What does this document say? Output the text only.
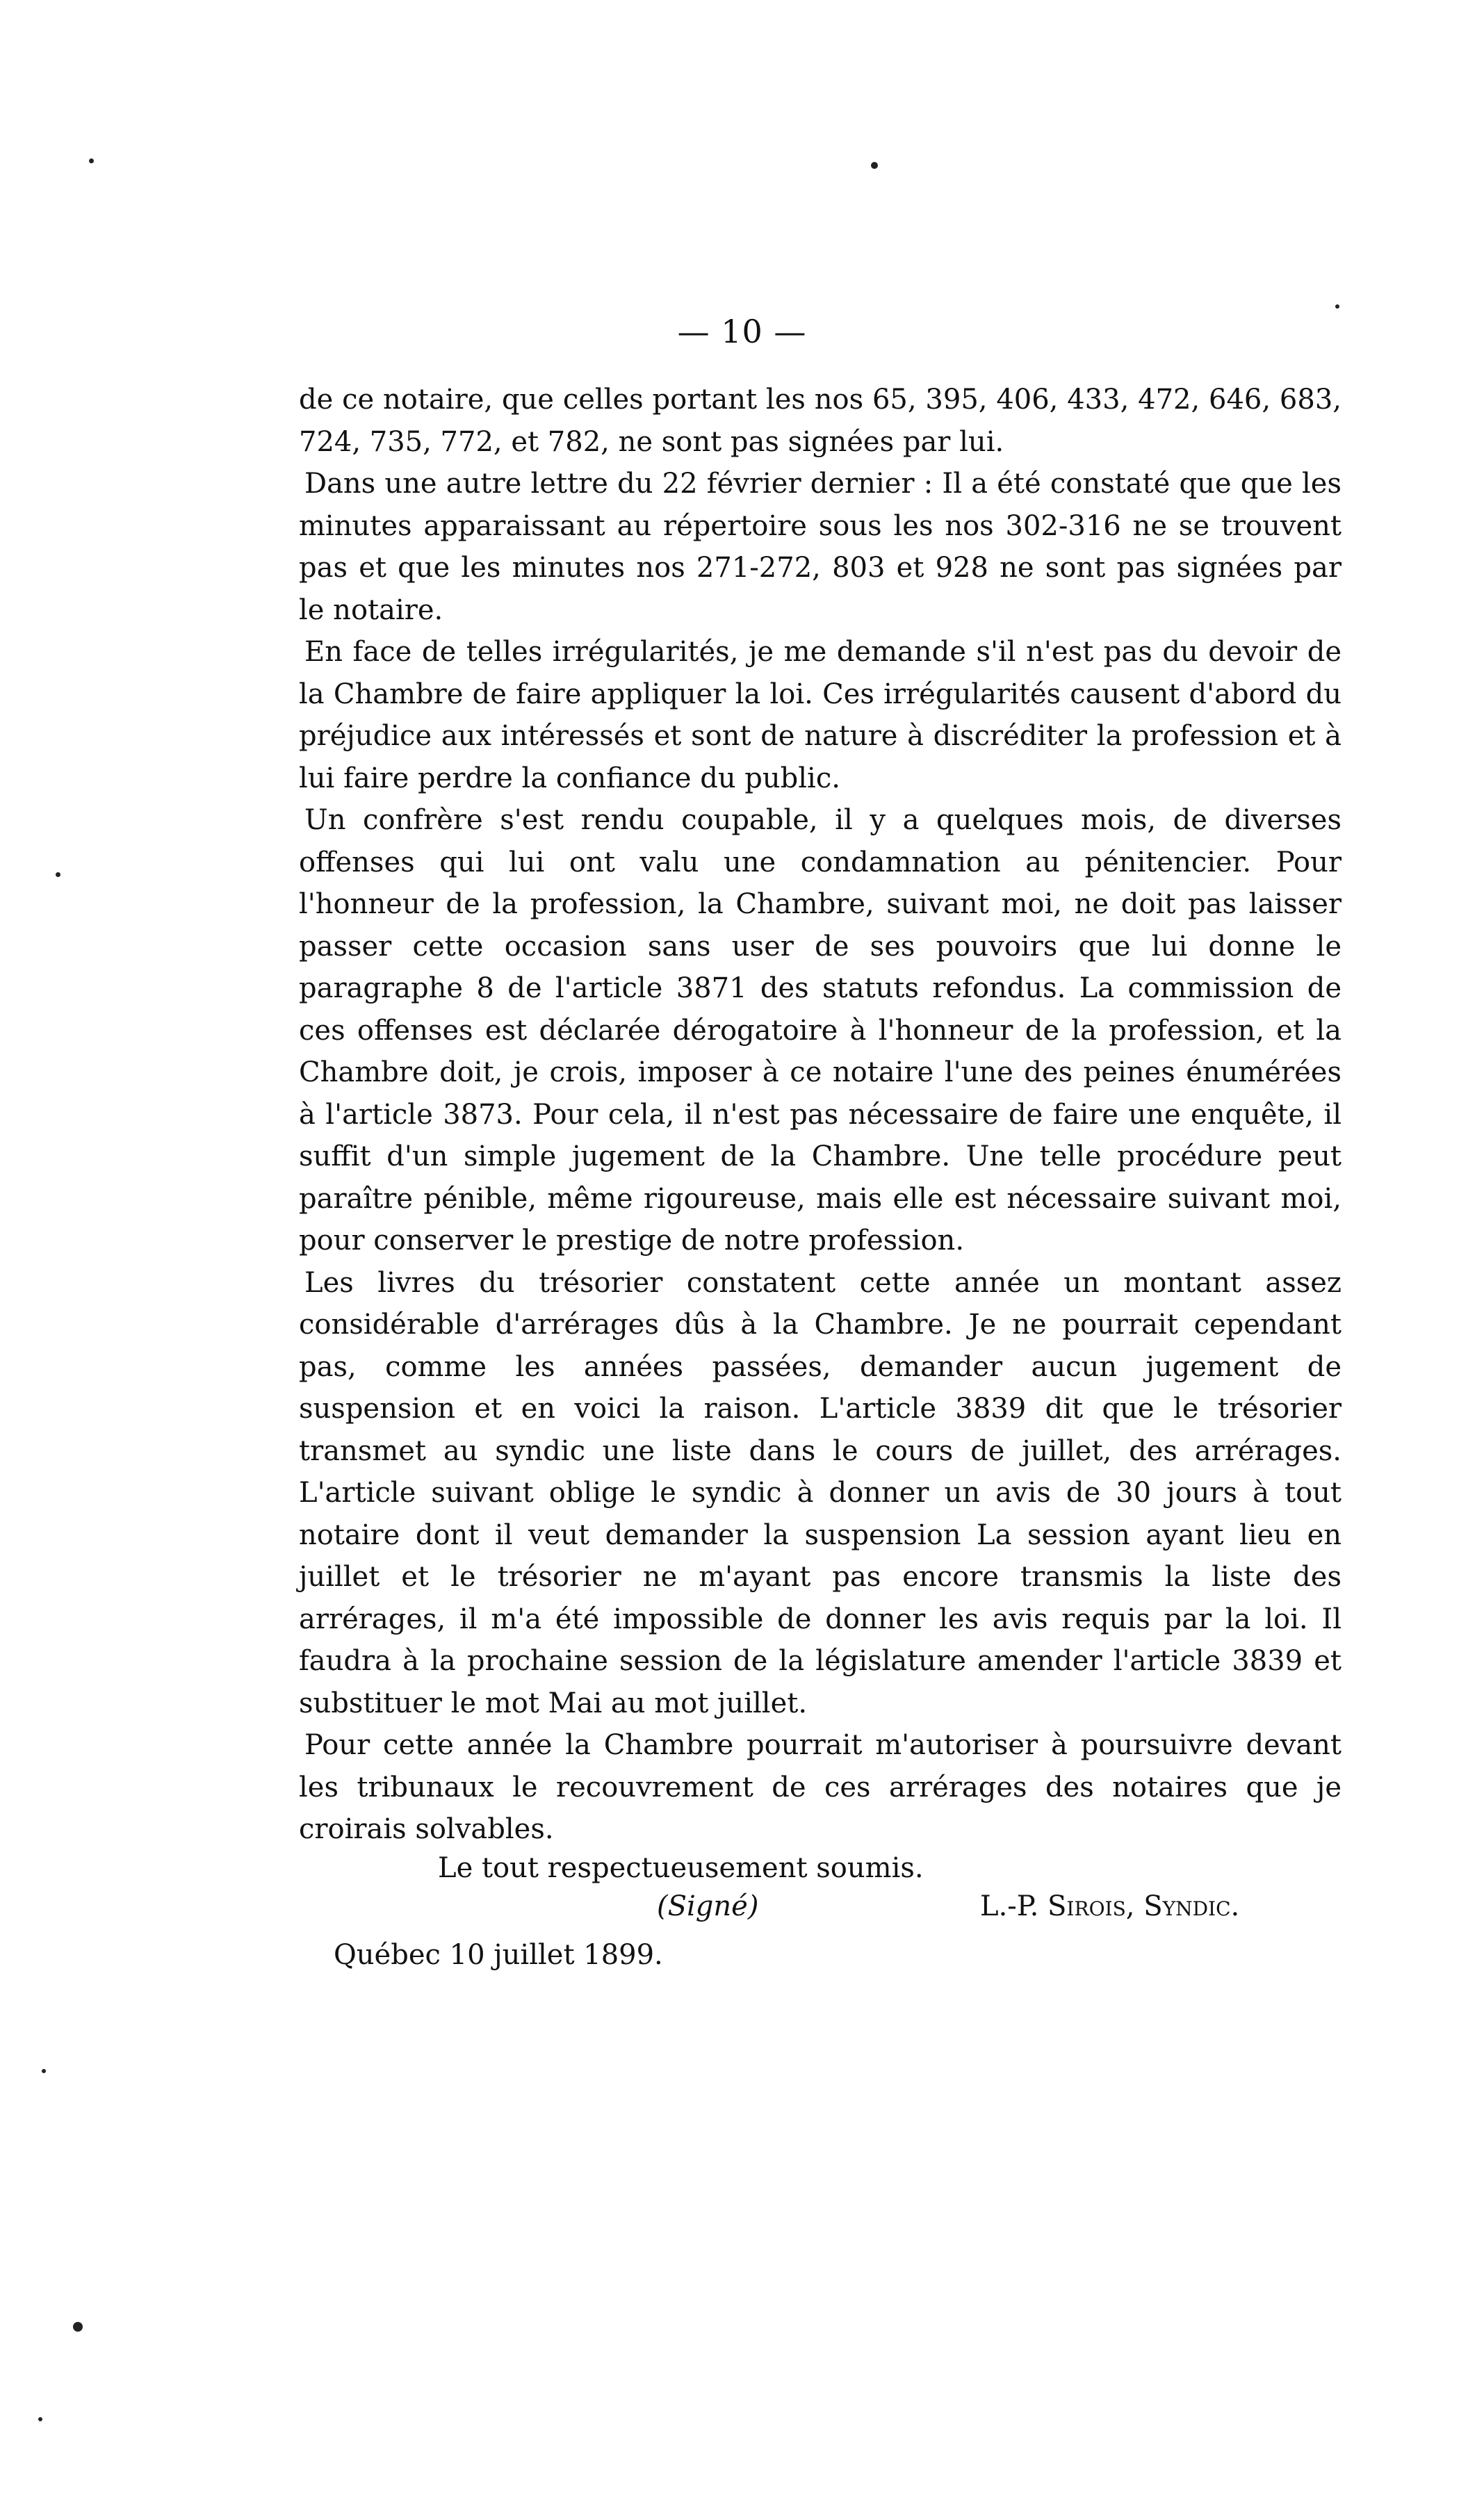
— 10 —

de ce notaire, que celles portant les nos 65, 395, 406, 433, 472, 646, 683, 724, 735, 772, et 782, ne sont pas signées par lui.

Dans une autre lettre du 22 février dernier : Il a été constaté que que les minutes apparaissant au répertoire sous les nos 302-316 ne se trouvent pas et que les minutes nos 271-272, 803 et 928 ne sont pas signées par le notaire.

En face de telles irrégularités, je me demande s'il n'est pas du devoir de la Chambre de faire appliquer la loi. Ces irrégularités causent d'abord du préjudice aux intéressés et sont de nature à discréditer la profession et à lui faire perdre la confiance du public.

Un confrère s'est rendu coupable, il y a quelques mois, de diverses offenses qui lui ont valu une condamnation au pénitencier. Pour l'honneur de la profession, la Chambre, suivant moi, ne doit pas laisser passer cette occasion sans user de ses pouvoirs que lui donne le paragraphe 8 de l'article 3871 des statuts refondus. La commission de ces offenses est déclarée dérogatoire à l'honneur de la profession, et la Chambre doit, je crois, imposer à ce notaire l'une des peines énumérées à l'article 3873. Pour cela, il n'est pas nécessaire de faire une enquête, il suffit d'un simple jugement de la Chambre. Une telle procédure peut paraître pénible, même rigoureuse, mais elle est nécessaire suivant moi, pour conserver le prestige de notre profession.

Les livres du trésorier constatent cette année un montant assez considérable d'arrérages dûs à la Chambre. Je ne pourrait cependant pas, comme les années passées, demander aucun jugement de suspension et en voici la raison. L'article 3839 dit que le trésorier transmet au syndic une liste dans le cours de juillet, des arrérages. L'article suivant oblige le syndic à donner un avis de 30 jours à tout notaire dont il veut demander la suspension La session ayant lieu en juillet et le trésorier ne m'ayant pas encore transmis la liste des arrérages, il m'a été impossible de donner les avis requis par la loi. Il faudra à la prochaine session de la législature amender l'article 3839 et substituer le mot Mai au mot juillet.

Pour cette année la Chambre pourrait m'autoriser à poursuivre devant les tribunaux le recouvrement de ces arrérages des notaires que je croirais solvables.

Le tout respectueusement soumis.
(Signé)	L.-P. Sirois, Syndic.
Québec 10 juillet 1899.
